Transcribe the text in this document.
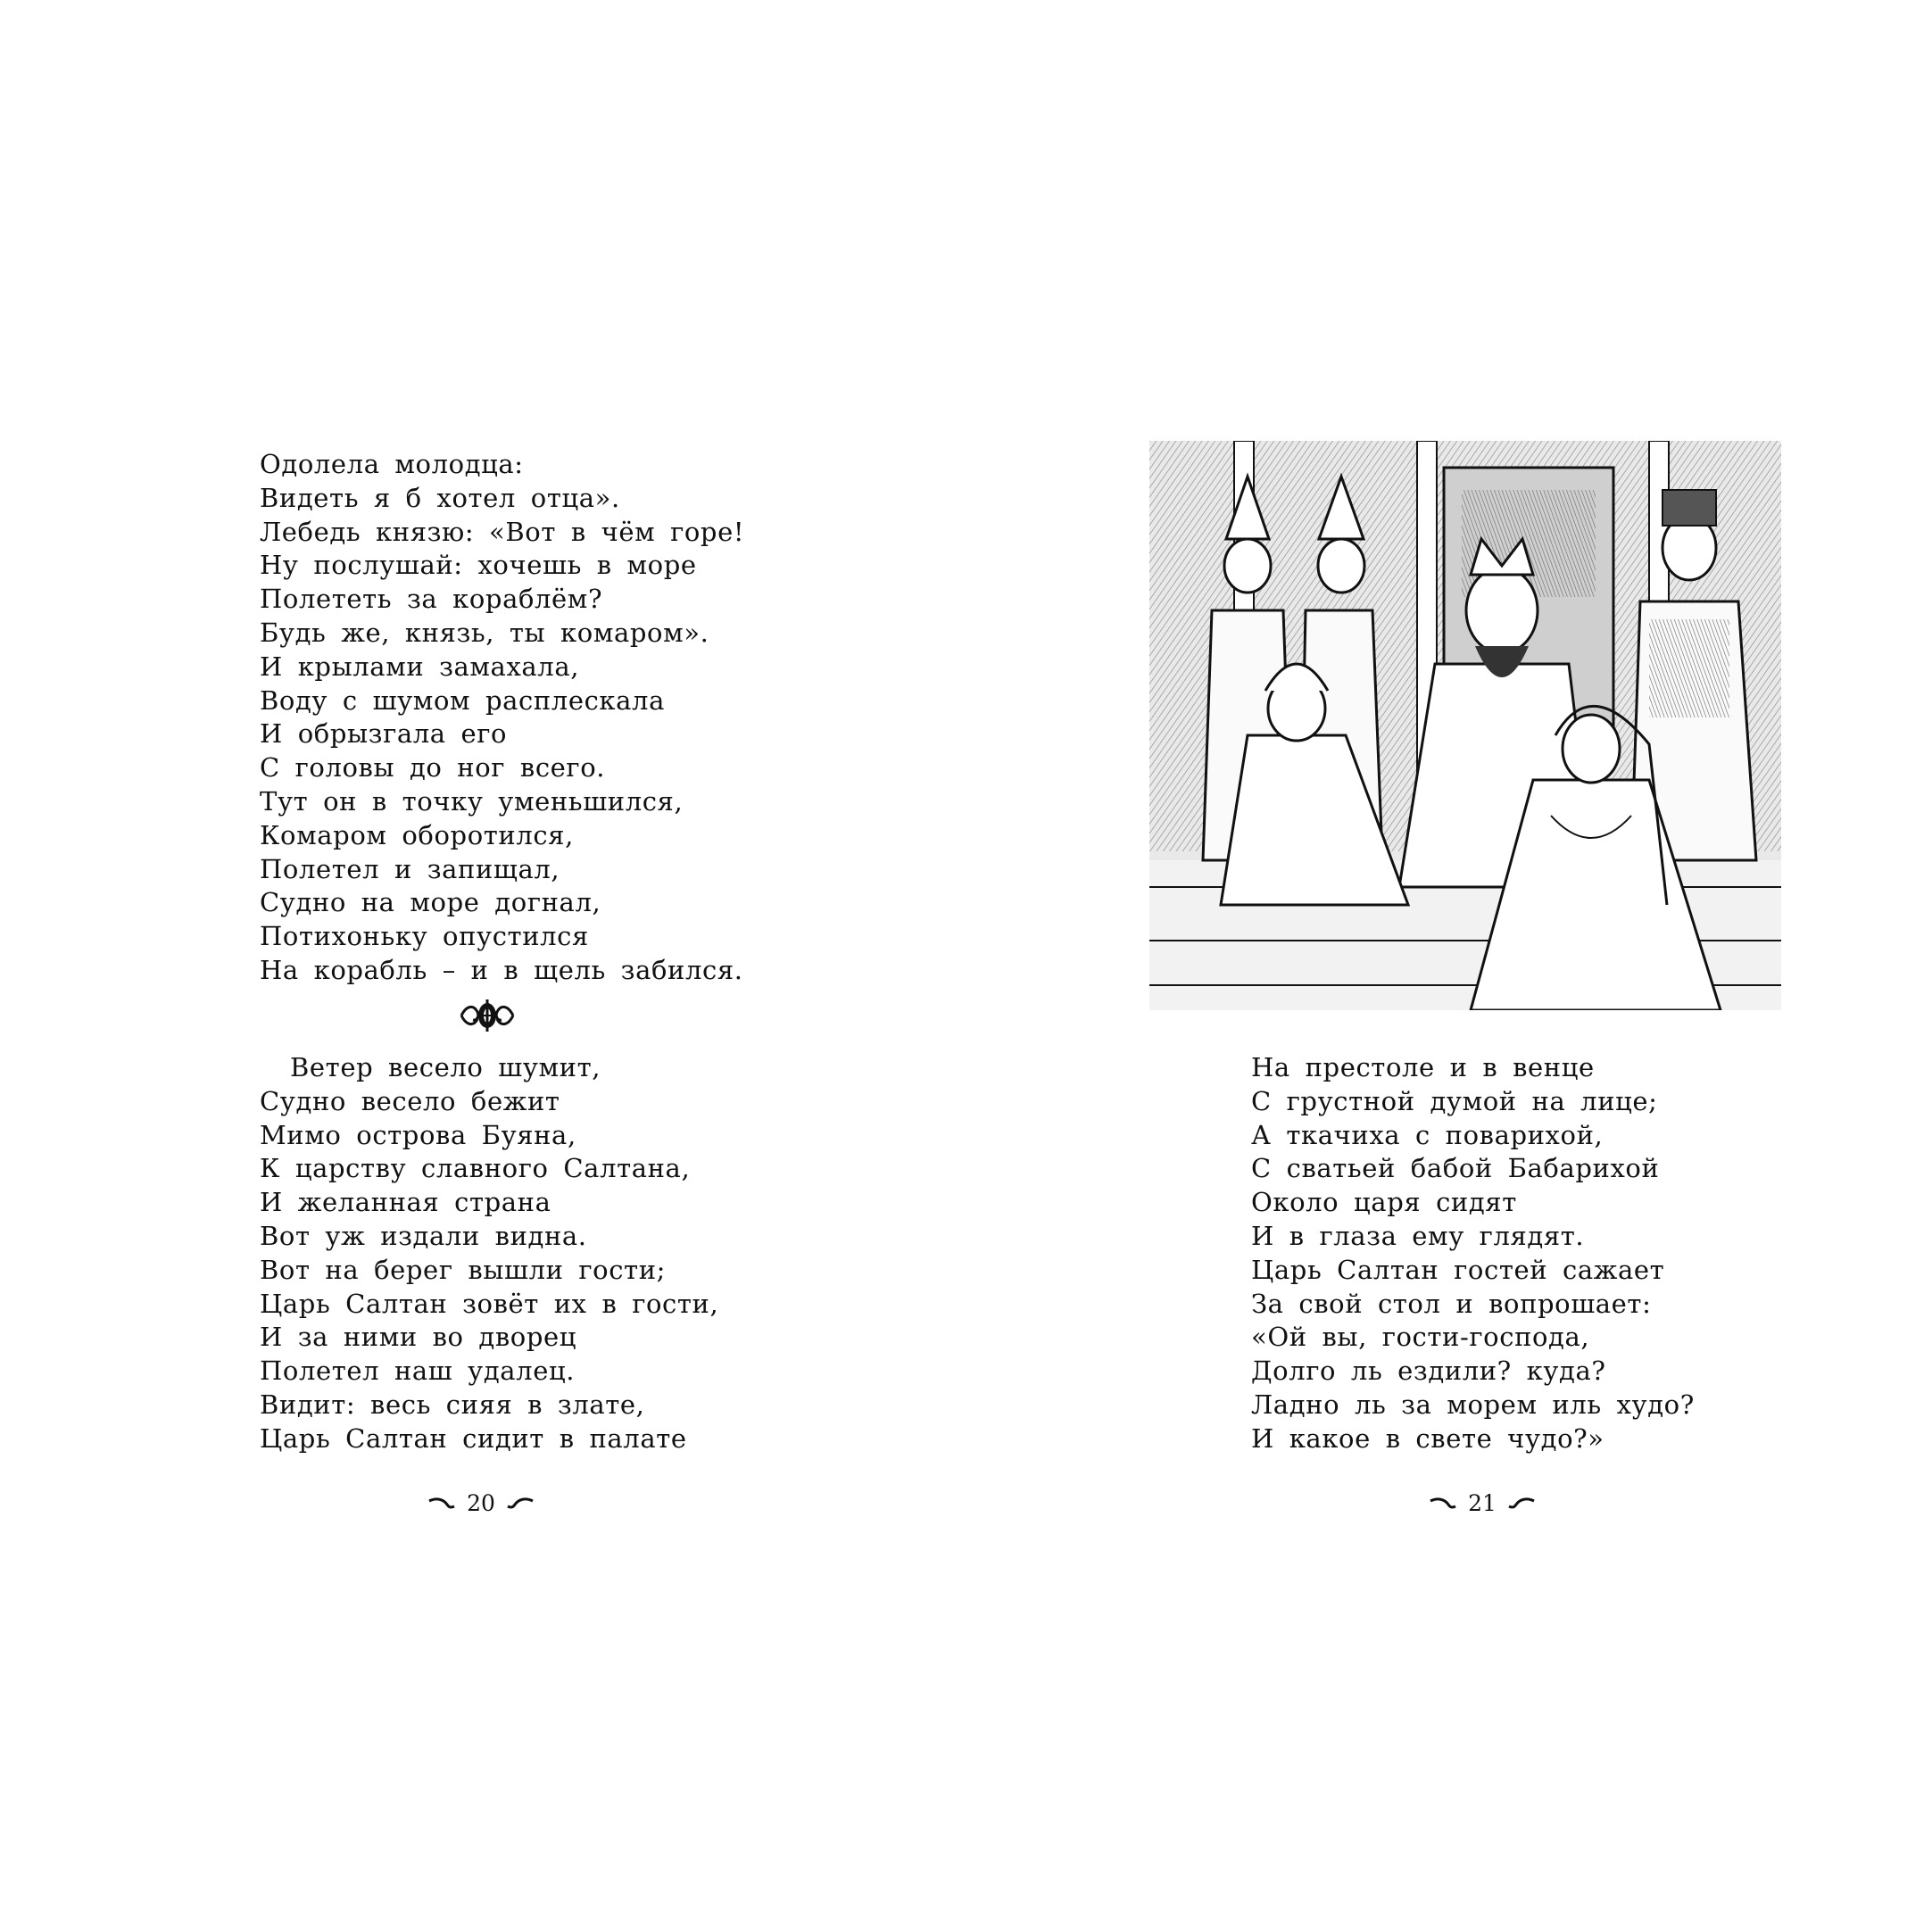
Одолела молодца:
Видеть я б хотел отца».
Лебедь князю: «Вот в чём горе!
Ну послушай: хочешь в море
Полететь за кораблём?
Будь же, князь, ты комаром».
И крылами замахала,
Воду с шумом расплескала
И обрызгала его
С головы до ног всего.
Тут он в точку уменьшился,
Комаром оборотился,
Полетел и запищал,
Судно на море догнал,
Потихоньку опустился
На корабль – и в щель забился.
Ветер весело шумит,
Судно весело бежит
Мимо острова Буяна,
К царству славного Салтана,
И желанная страна
Вот уж издали видна.
Вот на берег вышли гости;
Царь Салтан зовёт их в гости,
И за ними во дворец
Полетел наш удалец.
Видит: весь сияя в злате,
Царь Салтан сидит в палате
20
На престоле и в венце
С грустной думой на лице;
А ткачиха с поварихой,
С сватьей бабой Бабарихой
Около царя сидят
И в глаза ему глядят.
Царь Салтан гостей сажает
За свой стол и вопрошает:
«Ой вы, гости-господа,
Долго ль ездили? куда?
Ладно ль за морем иль худо?
И какое в свете чудо?»
21
